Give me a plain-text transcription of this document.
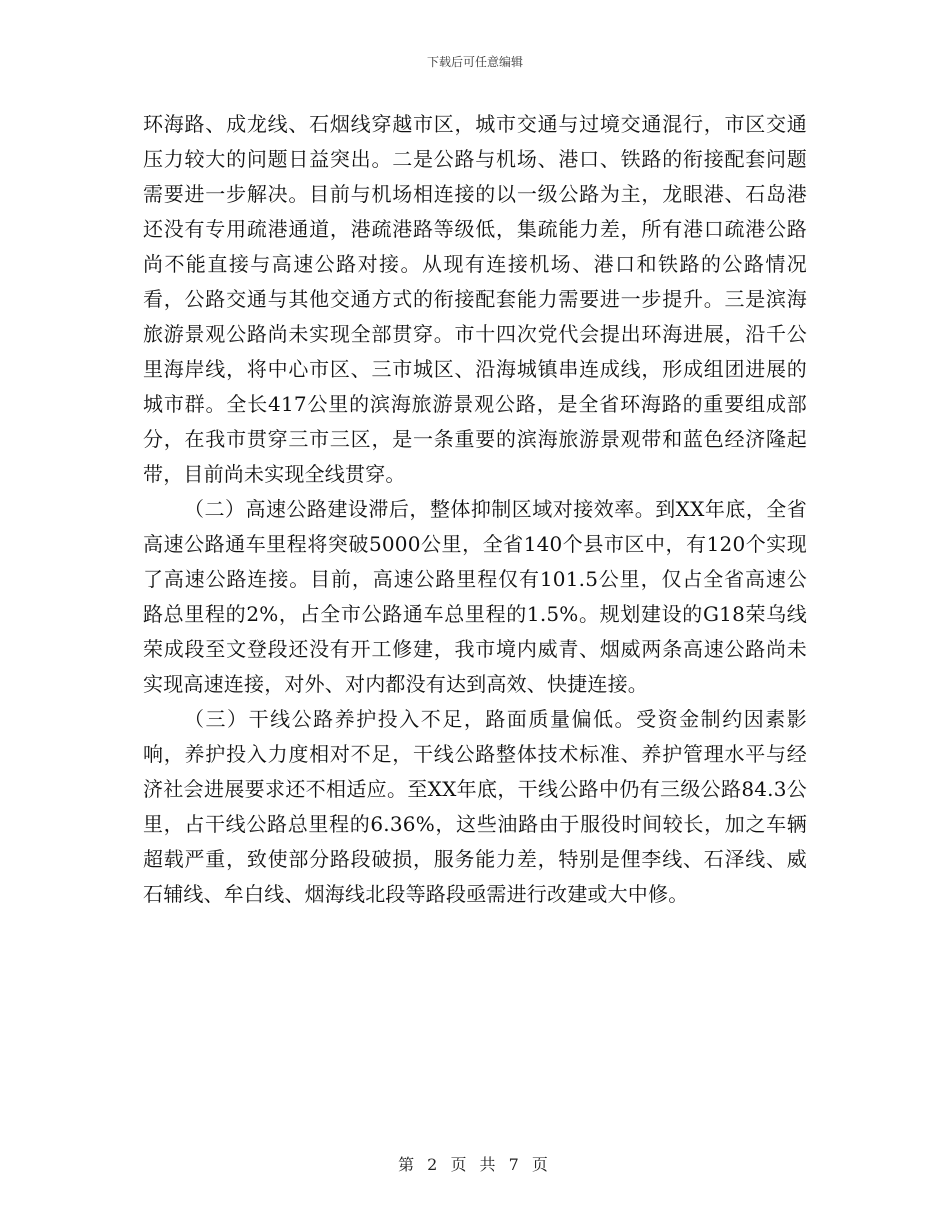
下载后可任意编辑

环海路、成龙线、石烟线穿越市区，城市交通与过境交通混行，市区交通压力较大的问题日益突出。二是公路与机场、港口、铁路的衔接配套问题需要进一步解决。目前与机场相连接的以一级公路为主，龙眼港、石岛港还没有专用疏港通道，港疏港路等级低，集疏能力差，所有港口疏港公路尚不能直接与高速公路对接。从现有连接机场、港口和铁路的公路情况看，公路交通与其他交通方式的衔接配套能力需要进一步提升。三是滨海旅游景观公路尚未实现全部贯穿。市十四次党代会提出环海进展，沿千公里海岸线，将中心市区、三市城区、沿海城镇串连成线，形成组团进展的城市群。全长417公里的滨海旅游景观公路，是全省环海路的重要组成部分，在我市贯穿三市三区，是一条重要的滨海旅游景观带和蓝色经济隆起带，目前尚未实现全线贯穿。

（二）高速公路建设滞后，整体抑制区域对接效率。到XX年底，全省高速公路通车里程将突破5000公里，全省140个县市区中，有120个实现了高速公路连接。目前，高速公路里程仅有101.5公里，仅占全省高速公路总里程的2%，占全市公路通车总里程的1.5%。规划建设的G18荣乌线荣成段至文登段还没有开工修建，我市境内威青、烟威两条高速公路尚未实现高速连接，对外、对内都没有达到高效、快捷连接。

（三）干线公路养护投入不足，路面质量偏低。受资金制约因素影响，养护投入力度相对不足，干线公路整体技术标准、养护管理水平与经济社会进展要求还不相适应。至XX年底，干线公路中仍有三级公路84.3公里，占干线公路总里程的6.36%，这些油路由于服役时间较长，加之车辆超载严重，致使部分路段破损，服务能力差，特别是俚李线、石泽线、威石辅线、牟白线、烟海线北段等路段亟需进行改建或大中修。

第 2 页 共 7 页
